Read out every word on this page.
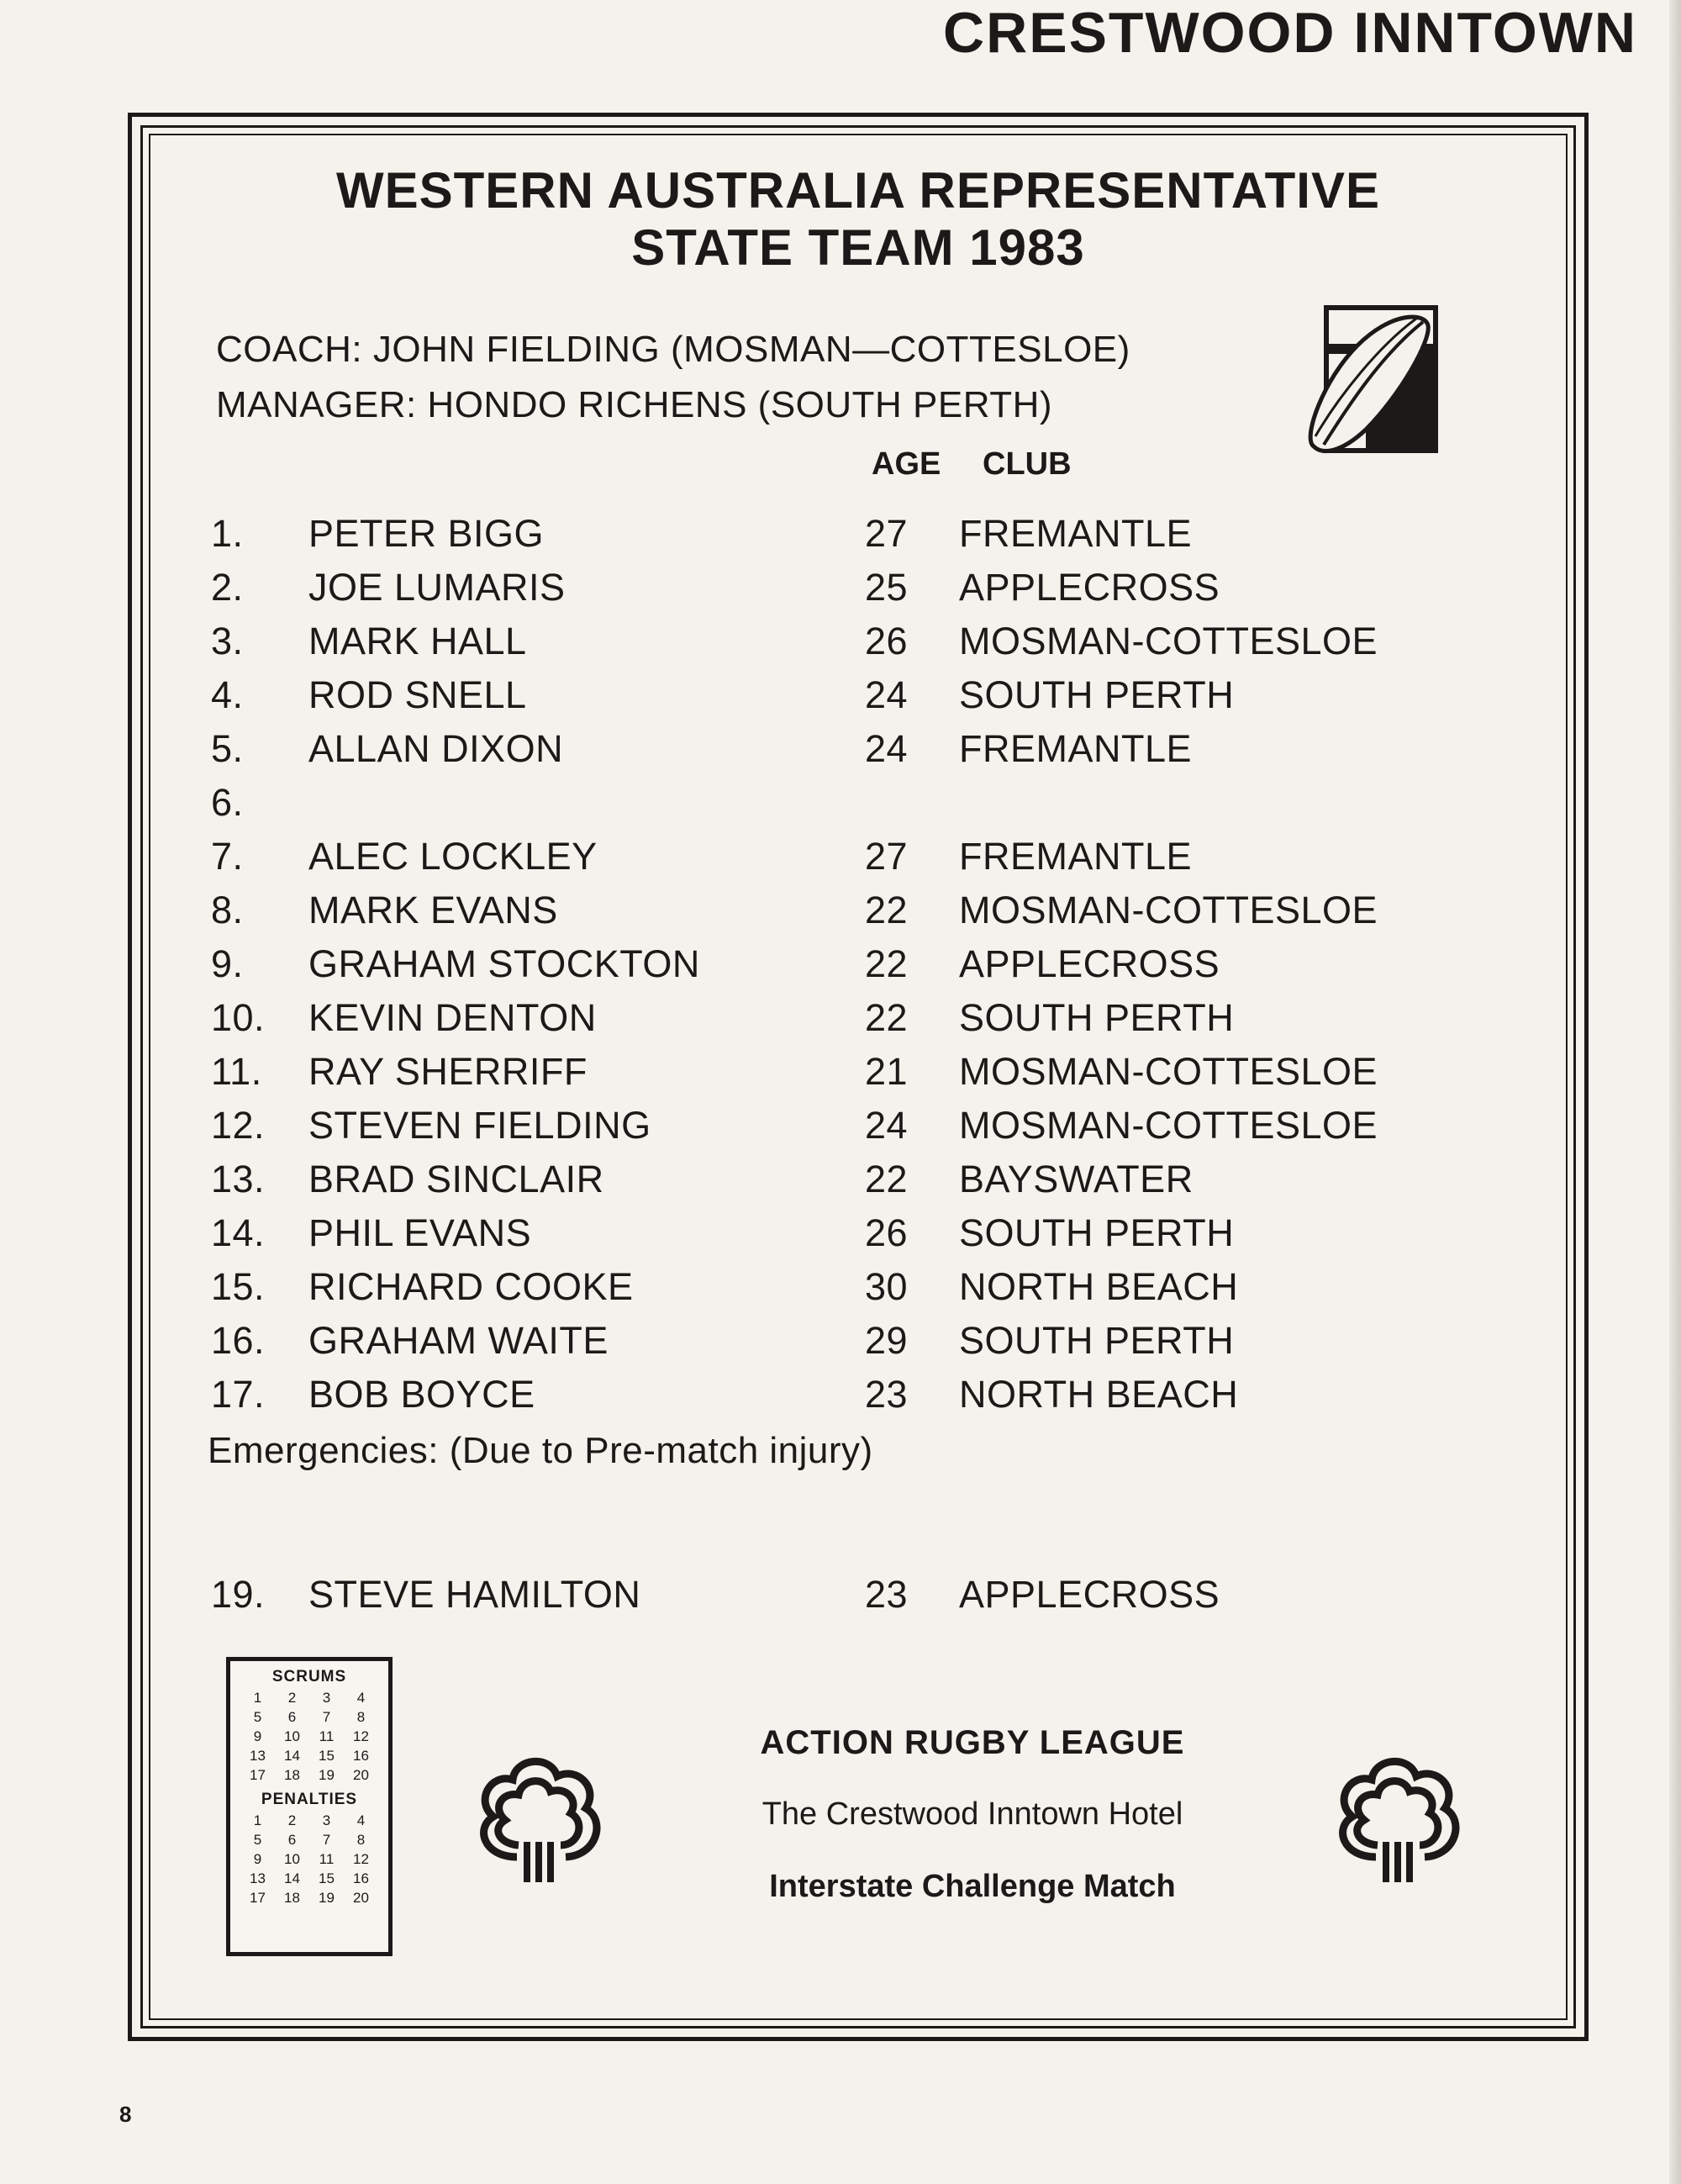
CRESTWOOD INNTOWN
WESTERN AUSTRALIA REPRESENTATIVE
STATE TEAM 1983
COACH: JOHN FIELDING (MOSMAN—COTTESLOE)
MANAGER: HONDO RICHENS (SOUTH PERTH)
AGE CLUB
1.	PETER BIGG	27 FREMANTLE
2.	JOE LUMARIS	25 APPLECROSS
3.	MARK HALL	26 MOSMAN-COTTESLOE
4.	ROD SNELL	24 SOUTH PERTH
5.	ALLAN DIXON	24 FREMANTLE
6.
7.	ALEC LOCKLEY	27 FREMANTLE
8.	MARK EVANS	22 MOSMAN-COTTESLOE
9.	GRAHAM STOCKTON	22 APPLECROSS
10.	KEVIN DENTON	22 SOUTH PERTH
11.	RAY SHERRIFF	21 MOSMAN-COTTESLOE
12.	STEVEN FIELDING	24 MOSMAN-COTTESLOE
13.	BRAD SINCLAIR	22 BAYSWATER
14.	PHIL EVANS	26 SOUTH PERTH
15.	RICHARD COOKE	30 NORTH BEACH
16.	GRAHAM WAITE	29 SOUTH PERTH
17.	BOB BOYCE	23 NORTH BEACH
19.	STEVE HAMILTON	23 APPLECROSS
Emergencies: (Due to Pre-match injury)
SCRUMS
1	2	3	4
5	6	7	8
9	10	11	12
13	14	15	16
17	18	19	20
PENALTIES
1	2	3	4
5	6	7	8
9	10	11	12
13	14	15	16
17	18	19	20
ACTION RUGBY LEAGUE
The Crestwood Inntown Hotel
Interstate Challenge Match
8
